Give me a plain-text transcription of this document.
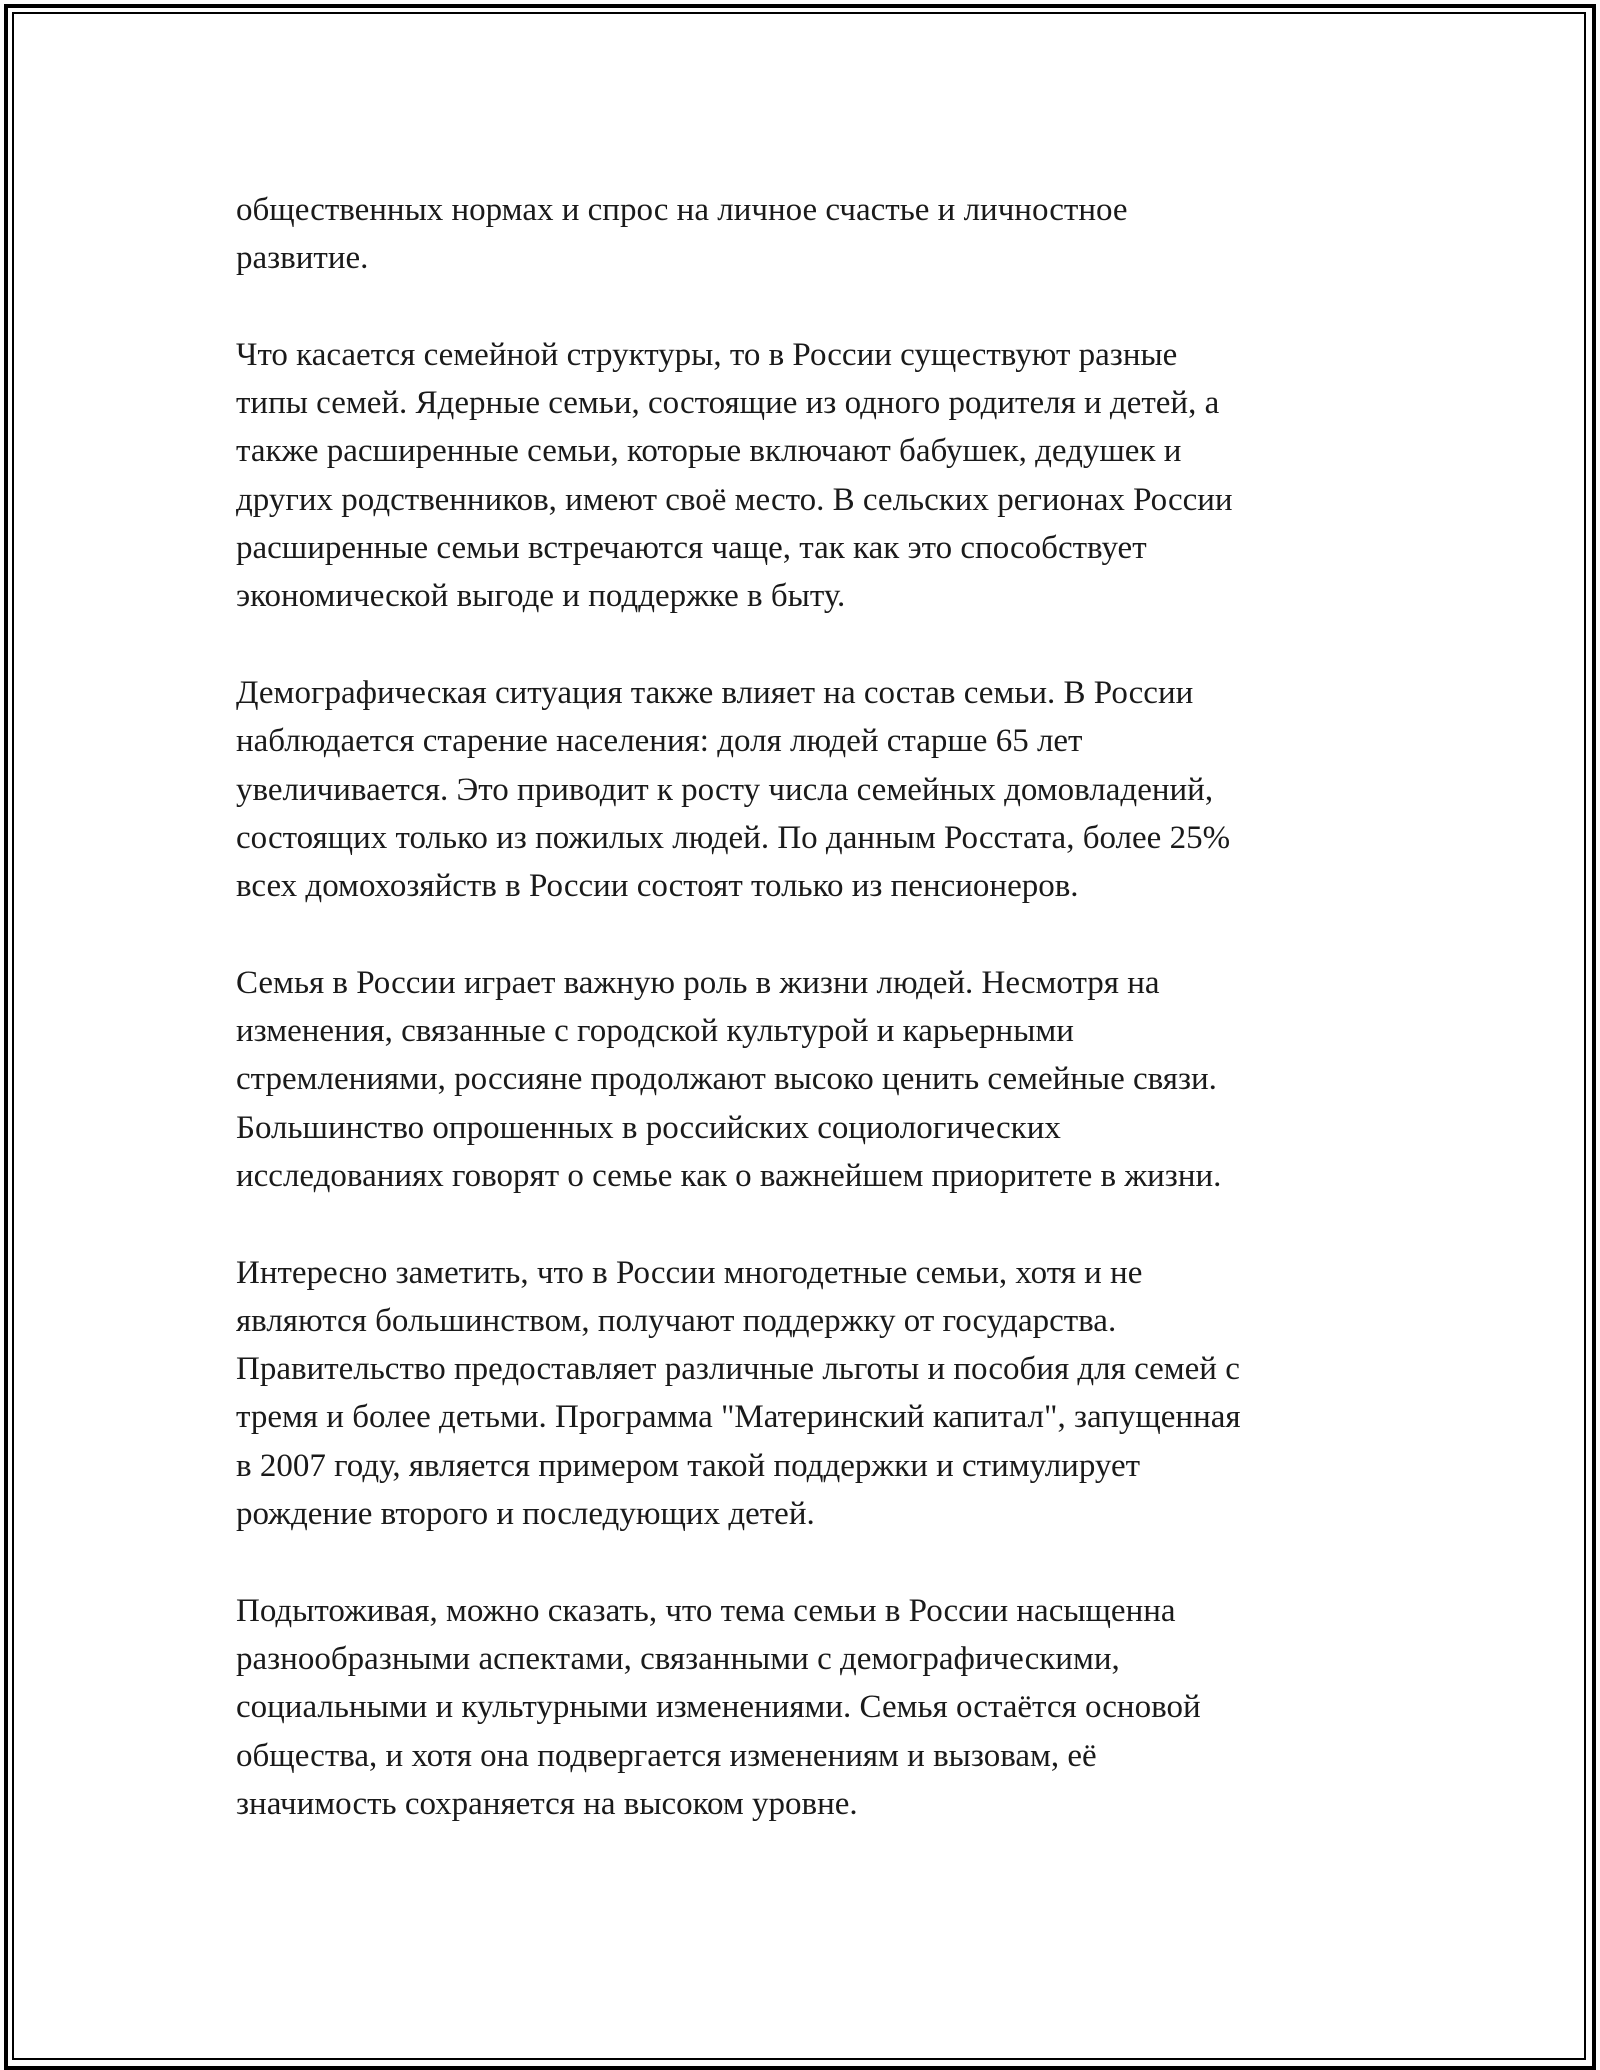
общественных нормах и спрос на личное счастье и личностное
развитие.

Что касается семейной структуры, то в России существуют разные
типы семей. Ядерные семьи, состоящие из одного родителя и детей, а
также расширенные семьи, которые включают бабушек, дедушек и
других родственников, имеют своё место. В сельских регионах России
расширенные семьи встречаются чаще, так как это способствует
экономической выгоде и поддержке в быту.

Демографическая ситуация также влияет на состав семьи. В России
наблюдается старение населения: доля людей старше 65 лет
увеличивается. Это приводит к росту числа семейных домовладений,
состоящих только из пожилых людей. По данным Росстата, более 25%
всех домохозяйств в России состоят только из пенсионеров.

Семья в России играет важную роль в жизни людей. Несмотря на
изменения, связанные с городской культурой и карьерными
стремлениями, россияне продолжают высоко ценить семейные связи.
Большинство опрошенных в российских социологических
исследованиях говорят о семье как о важнейшем приоритете в жизни.

Интересно заметить, что в России многодетные семьи, хотя и не
являются большинством, получают поддержку от государства.
Правительство предоставляет различные льготы и пособия для семей с
тремя и более детьми. Программа "Материнский капитал", запущенная
в 2007 году, является примером такой поддержки и стимулирует
рождение второго и последующих детей.

Подытоживая, можно сказать, что тема семьи в России насыщенна
разнообразными аспектами, связанными с демографическими,
социальными и культурными изменениями. Семья остаётся основой
общества, и хотя она подвергается изменениям и вызовам, её
значимость сохраняется на высоком уровне.
